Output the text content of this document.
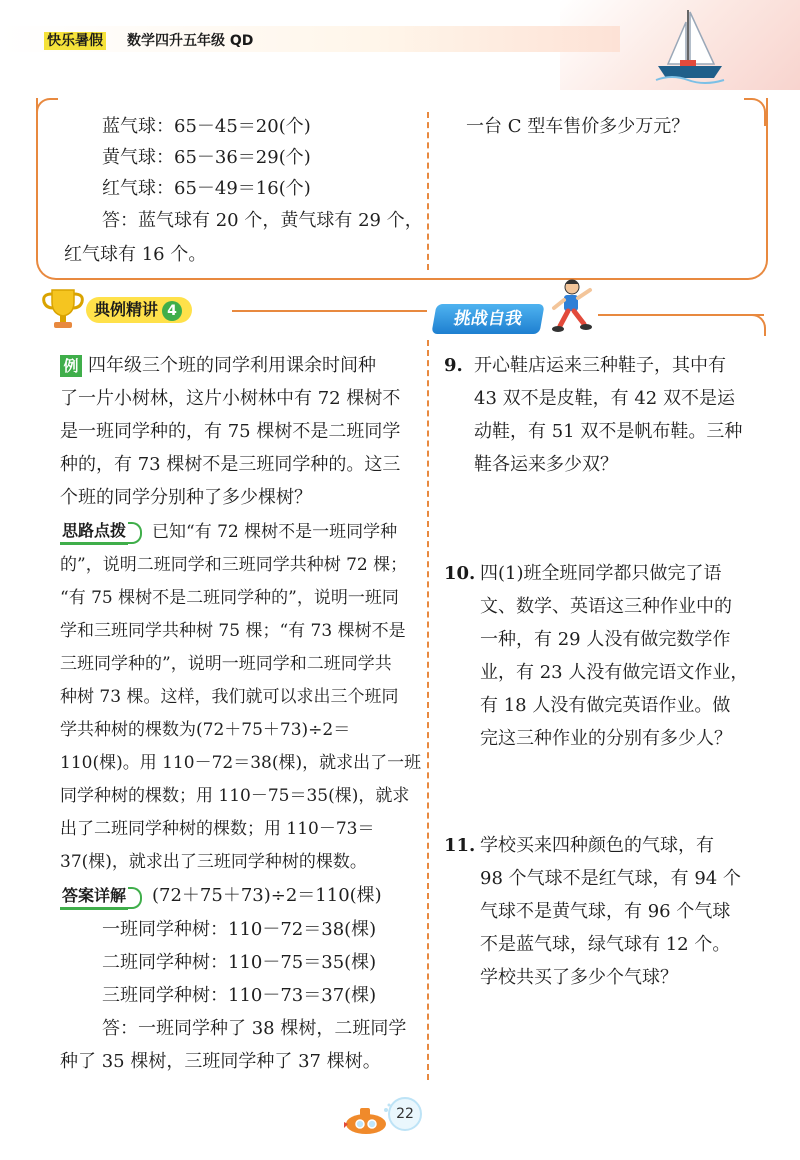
快乐暑假 数学四升五年级 QD
蓝气球：65－45＝20(个)
黄气球：65－36＝29(个)
红气球：65－49＝16(个)
答：蓝气球有 20 个，黄气球有 29 个，
红气球有 16 个。
一台 C 型车售价多少万元？
典例精讲 4	挑战自我
例 四年级三个班的同学利用课余时间种
了一片小树林，这片小树林中有 72 棵树不
是一班同学种的，有 75 棵树不是二班同学
种的，有 73 棵树不是三班同学种的。这三
个班的同学分别种了多少棵树？
思路点拨 已知“有 72 棵树不是一班同学种
的”，说明二班同学和三班同学共种树 72 棵；
“有 75 棵树不是二班同学种的”，说明一班同
学和三班同学共种树 75 棵；“有 73 棵树不是
三班同学种的”，说明一班同学和二班同学共
种树 73 棵。这样，我们就可以求出三个班同
学共种树的棵数为(72＋75＋73)÷2＝
110(棵)。用 110－72＝38(棵)，就求出了一班
同学种树的棵数；用 110－75＝35(棵)，就求
出了二班同学种树的棵数；用 110－73＝
37(棵)，就求出了三班同学种树的棵数。
答案详解 (72＋75＋73)÷2＝110(棵)
一班同学种树：110－72＝38(棵)
二班同学种树：110－75＝35(棵)
三班同学种树：110－73＝37(棵)
答：一班同学种了 38 棵树，二班同学
种了 35 棵树，三班同学种了 37 棵树。
9. 开心鞋店运来三种鞋子，其中有
43 双不是皮鞋，有 42 双不是运
动鞋，有 51 双不是帆布鞋。三种
鞋各运来多少双？
10. 四(1)班全班同学都只做完了语
文、数学、英语这三种作业中的
一种，有 29 人没有做完数学作
业，有 23 人没有做完语文作业，
有 18 人没有做完英语作业。做
完这三种作业的分别有多少人？
11. 学校买来四种颜色的气球，有
98 个气球不是红气球，有 94 个
气球不是黄气球，有 96 个气球
不是蓝气球，绿气球有 12 个。
学校共买了多少个气球？
22
